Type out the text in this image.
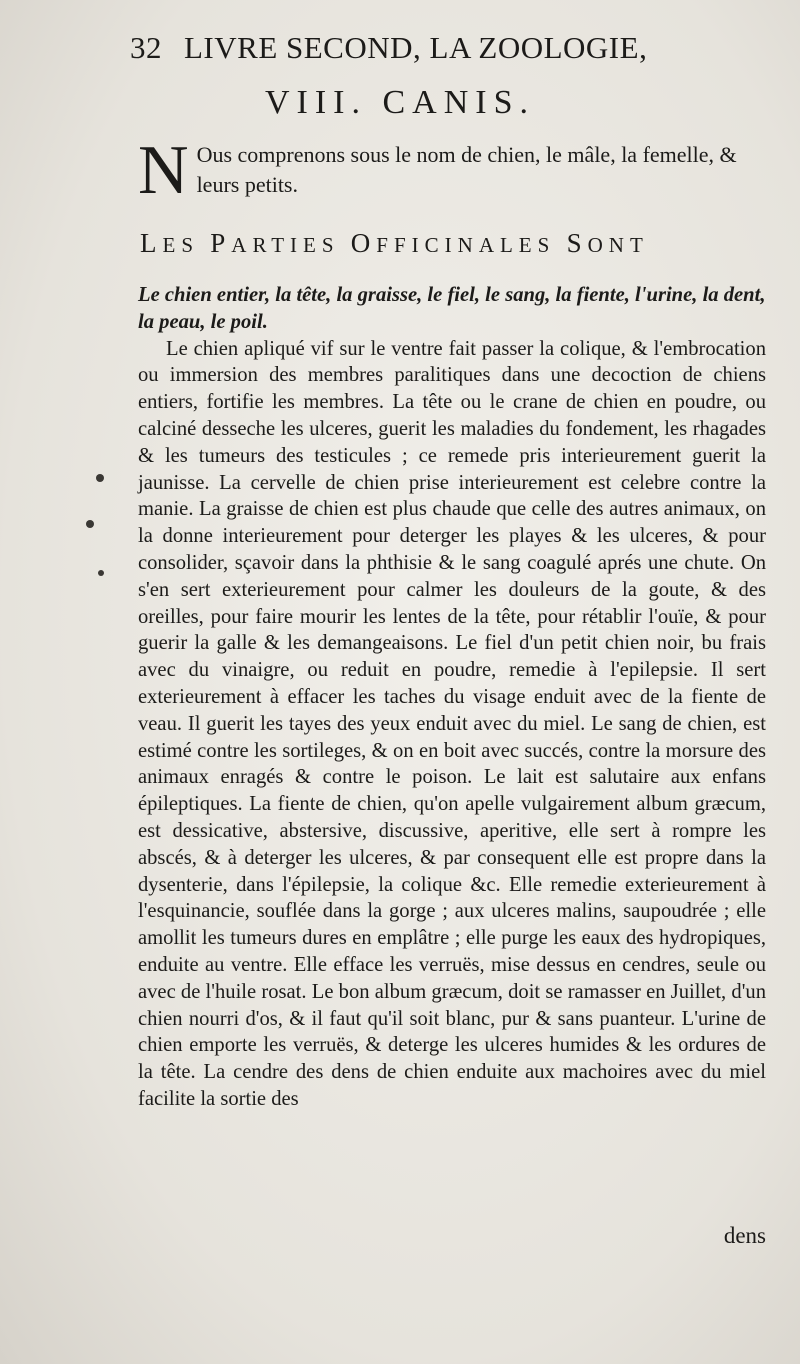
32 LIVRE SECOND, LA ZOOLOGIE,
VIII. CANIS.
N Ous comprenons sous le nom de chien, le mâle, la femelle, & leurs petits.
LES PARTIES OFFICINALES SONT

Le chien entier, la tête, la graisse, le fiel, le sang, la fiente, l'urine, la dent, la peau, le poil.

Le chien apliqué vif sur le ventre fait passer la colique, & l'embrocation ou immersion des membres paralitiques dans une decoction de chiens entiers, fortifie les membres. La tête ou le crane de chien en poudre, ou calciné desseche les ulceres, guerit les maladies du fondement, les rhagades & les tumeurs des testicules ; ce remede pris interieurement guerit la jaunisse. La cervelle de chien prise interieurement est celebre contre la manie. La graisse de chien est plus chaude que celle des autres animaux, on la donne interieurement pour deterger les playes & les ulceres, & pour consolider, sçavoir dans la phthisie & le sang coagulé aprés une chute. On s'en sert exterieurement pour calmer les douleurs de la goute, & des oreilles, pour faire mourir les lentes de la tête, pour rétablir l'ouïe, & pour guerir la galle & les demangeaisons. Le fiel d'un petit chien noir, bu frais avec du vinaigre, ou reduit en poudre, remedie à l'epilepsie. Il sert exterieurement à effacer les taches du visage enduit avec de la fiente de veau. Il guerit les tayes des yeux enduit avec du miel. Le sang de chien, est estimé contre les sortileges, & on en boit avec succés, contre la morsure des animaux enragés & contre le poison. Le lait est salutaire aux enfans épileptiques. La fiente de chien, qu'on apelle vulgairement album græcum, est dessicative, abstersive, discussive, aperitive, elle sert à rompre les abscés, & à deterger les ulceres, & par consequent elle est propre dans la dysenterie, dans l'épilepsie, la colique &c. Elle remedie exterieurement à l'esquinancie, souflée dans la gorge ; aux ulceres malins, saupoudrée ; elle amollit les tumeurs dures en emplâtre ; elle purge les eaux des hydropiques, enduite au ventre. Elle efface les verruës, mise dessus en cendres, seule ou avec de l'huile rosat. Le bon album græcum, doit se ramasser en Juillet, d'un chien nourri d'os, & il faut qu'il soit blanc, pur & sans puanteur. L'urine de chien emporte les verruës, & deterge les ulceres humides & les ordures de la tête. La cendre des dens de chien enduite aux machoires avec du miel facilite la sortie des

dens
